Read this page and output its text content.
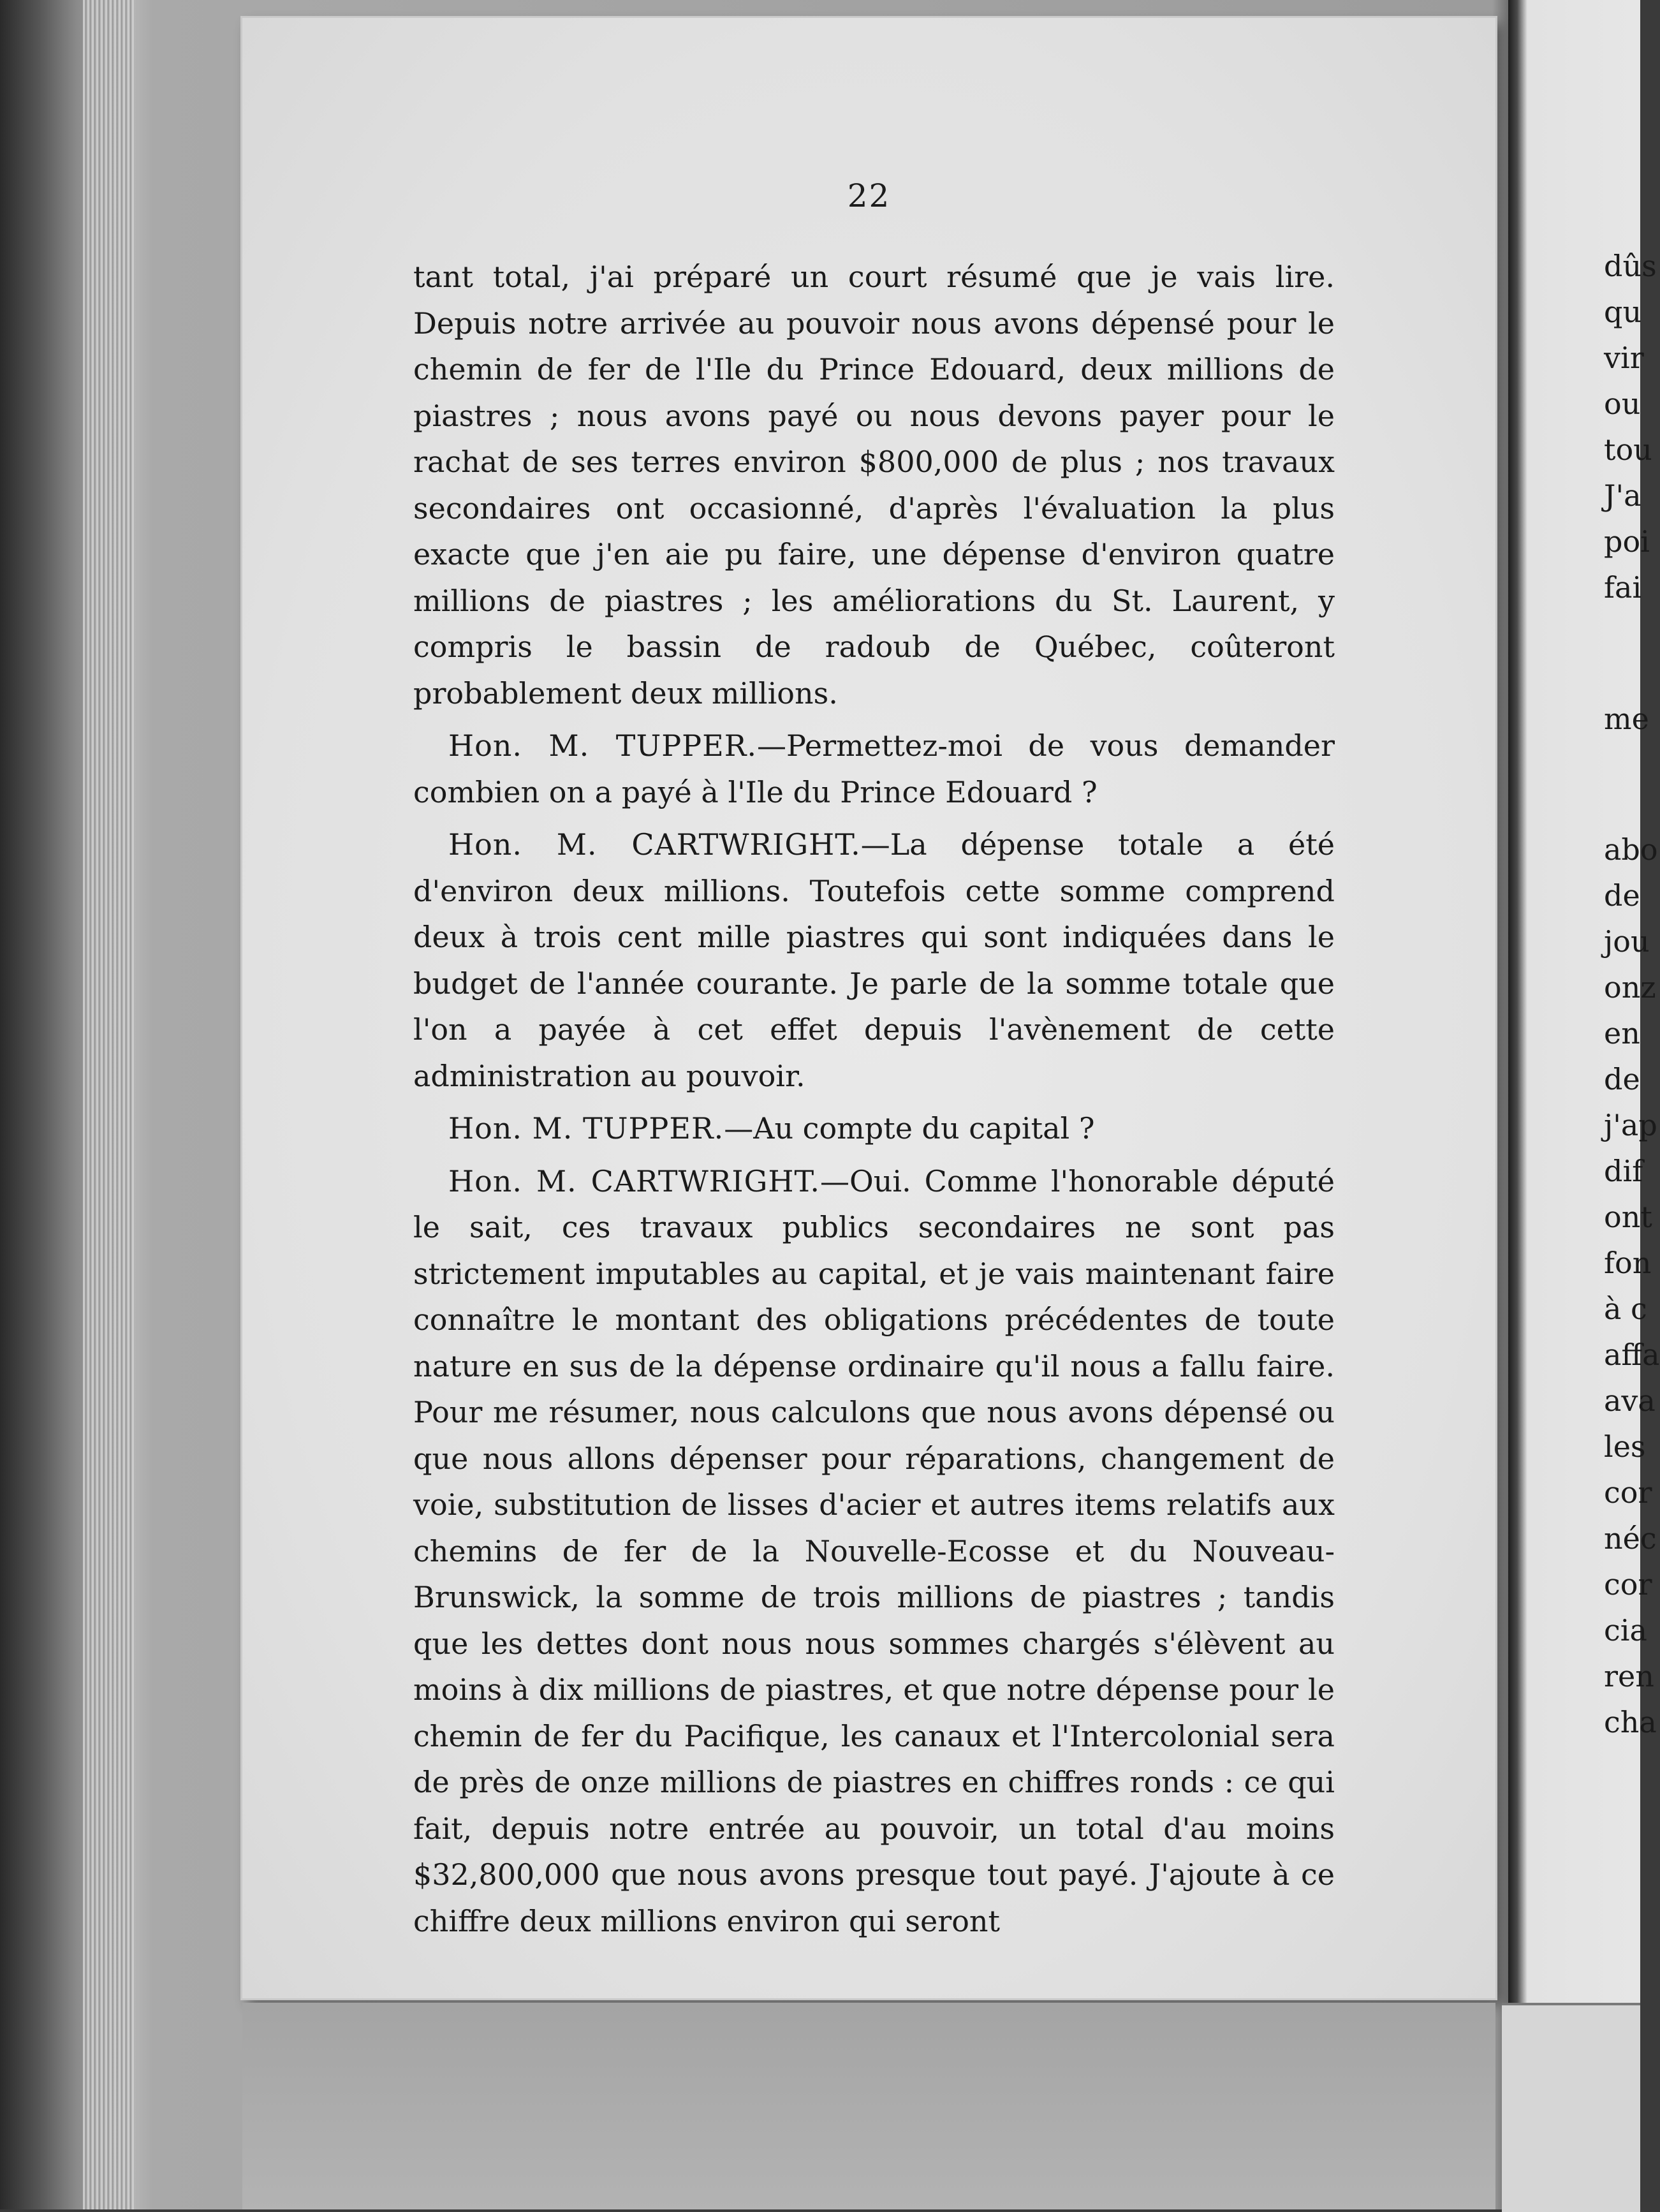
22

tant total, j'ai préparé un court résumé que je vais lire. Depuis notre arrivée au pouvoir nous avons dépensé pour le chemin de fer de l'Ile du Prince Edouard, deux millions de piastres ; nous avons payé ou nous devons payer pour le rachat de ses terres environ $800,000 de plus ; nos travaux secondaires ont occasionné, d'après l'évaluation la plus exacte que j'en aie pu faire, une dépense d'environ quatre millions de piastres ; les améliorations du St. Laurent, y compris le bassin de radoub de Québec, coûteront probablement deux millions.

Hon. M. TUPPER.—Permettez-moi de vous demander combien on a payé à l'Ile du Prince Edouard ?

Hon. M. CARTWRIGHT.—La dépense totale a été d'environ deux millions. Toutefois cette somme comprend deux à trois cent mille piastres qui sont indiquées dans le budget de l'année courante. Je parle de la somme totale que l'on a payée à cet effet depuis l'avènement de cette administration au pouvoir.

Hon. M. TUPPER.—Au compte du capital ?

Hon. M. CARTWRIGHT.—Oui. Comme l'honorable député le sait, ces travaux publics secondaires ne sont pas strictement imputables au capital, et je vais maintenant faire connaître le montant des obligations précédentes de toute nature en sus de la dépense ordinaire qu'il nous a fallu faire. Pour me résumer, nous calculons que nous avons dépensé ou que nous allons dépenser pour réparations, changement de voie, substitution de lisses d'acier et autres items relatifs aux chemins de fer de la Nouvelle-Ecosse et du Nouveau-Brunswick, la somme de trois millions de piastres ; tandis que les dettes dont nous nous sommes chargés s'élèvent au moins à dix millions de piastres, et que notre dépense pour le chemin de fer du Pacifique, les canaux et l'Intercolonial sera de près de onze millions de piastres en chiffres ronds : ce qui fait, depuis notre entrée au pouvoir, un total d'au moins $32,800,000 que nous avons presque tout payé. J'ajoute à ce chiffre deux millions environ qui seront

dûs
qu
vir
ou
tou
J'a
poi
fai
me
abo
de
jou
onz
en
de
j'ap
dif
ont
fon
à c
affa
ava
les
cor
néc
cor
cia
ren
cha
